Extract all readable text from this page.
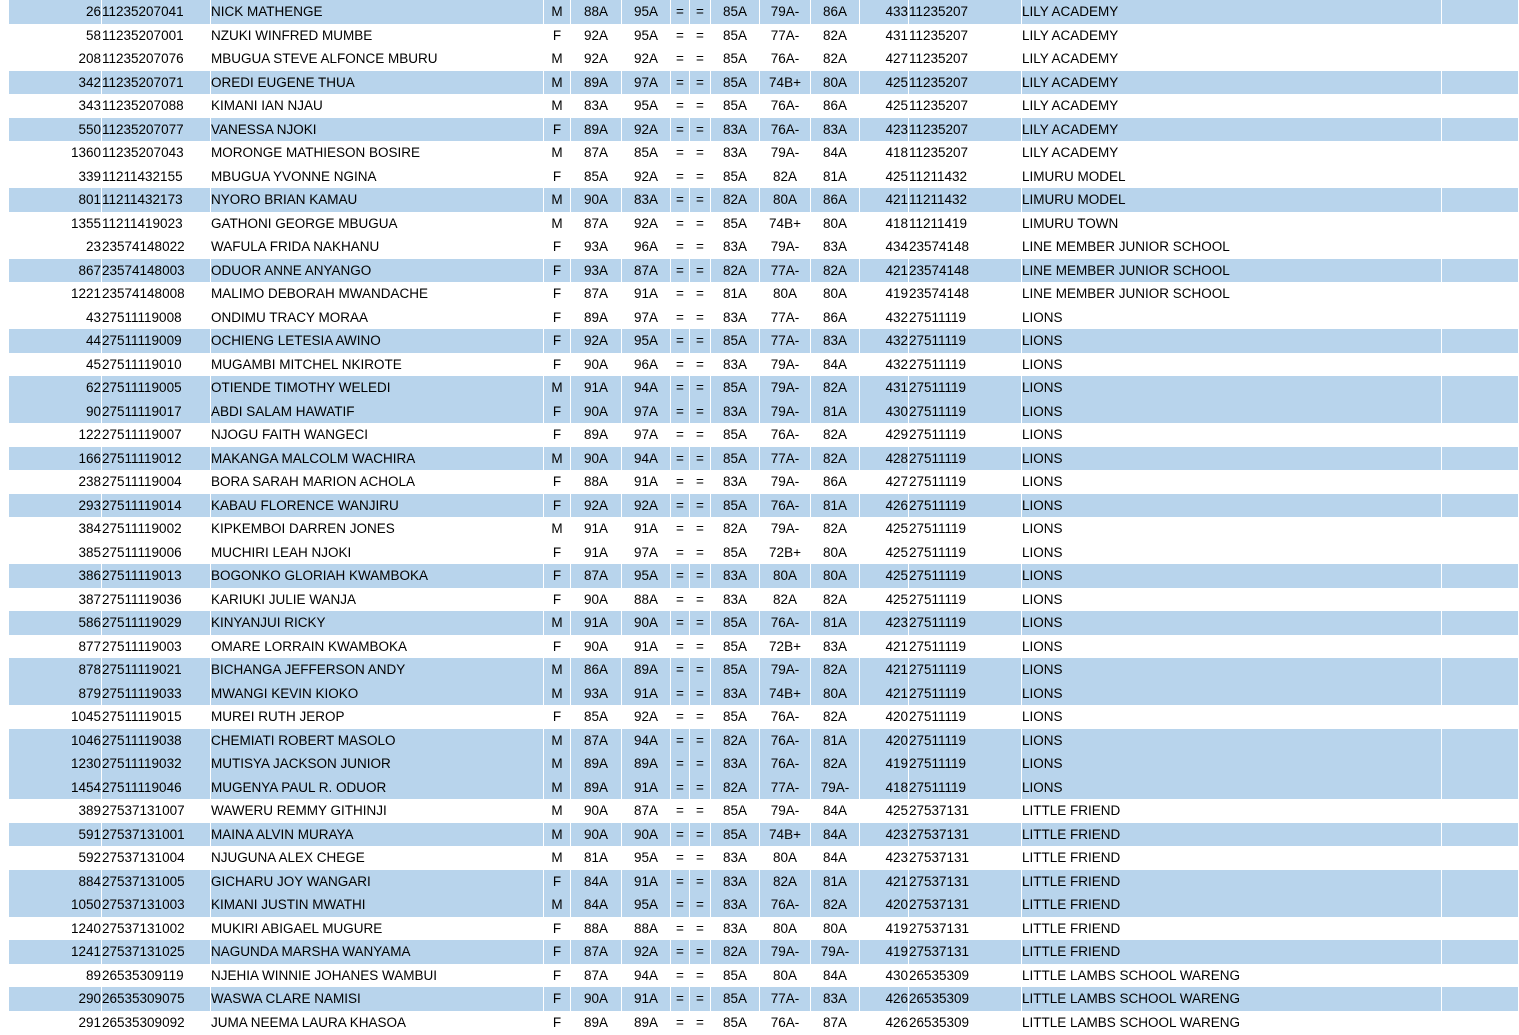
	26	11235207041	NICK MATHENGE	M	88A	95A	=	=	85A	79A-	86A	433	11235207	LILY ACADEMY	
	58	11235207001	NZUKI WINFRED MUMBE	F	92A	95A	=	=	85A	77A-	82A	431	11235207	LILY ACADEMY	
	208	11235207076	MBUGUA STEVE ALFONCE MBURU	M	92A	92A	=	=	85A	76A-	82A	427	11235207	LILY ACADEMY	
	342	11235207071	OREDI EUGENE THUA	M	89A	97A	=	=	85A	74B+	80A	425	11235207	LILY ACADEMY	
	343	11235207088	KIMANI IAN NJAU	M	83A	95A	=	=	85A	76A-	86A	425	11235207	LILY ACADEMY	
	550	11235207077	VANESSA NJOKI	F	89A	92A	=	=	83A	76A-	83A	423	11235207	LILY ACADEMY	
	1360	11235207043	MORONGE MATHIESON BOSIRE	M	87A	85A	=	=	83A	79A-	84A	418	11235207	LILY ACADEMY	
	339	11211432155	MBUGUA YVONNE NGINA	F	85A	92A	=	=	85A	82A	81A	425	11211432	LIMURU MODEL	
	801	11211432173	NYORO BRIAN KAMAU	M	90A	83A	=	=	82A	80A	86A	421	11211432	LIMURU MODEL	
	1355	11211419023	GATHONI GEORGE MBUGUA	M	87A	92A	=	=	85A	74B+	80A	418	11211419	LIMURU TOWN	
	23	23574148022	WAFULA FRIDA NAKHANU	F	93A	96A	=	=	83A	79A-	83A	434	23574148	LINE MEMBER JUNIOR SCHOOL	
	867	23574148003	ODUOR ANNE ANYANGO	F	93A	87A	=	=	82A	77A-	82A	421	23574148	LINE MEMBER JUNIOR SCHOOL	
	1221	23574148008	MALIMO DEBORAH MWANDACHE	F	87A	91A	=	=	81A	80A	80A	419	23574148	LINE MEMBER JUNIOR SCHOOL	
	43	27511119008	ONDIMU TRACY MORAA	F	89A	97A	=	=	83A	77A-	86A	432	27511119	LIONS	
	44	27511119009	OCHIENG LETESIA AWINO	F	92A	95A	=	=	85A	77A-	83A	432	27511119	LIONS	
	45	27511119010	MUGAMBI MITCHEL NKIROTE	F	90A	96A	=	=	83A	79A-	84A	432	27511119	LIONS	
	62	27511119005	OTIENDE TIMOTHY WELEDI	M	91A	94A	=	=	85A	79A-	82A	431	27511119	LIONS	
	90	27511119017	ABDI SALAM HAWATIF	F	90A	97A	=	=	83A	79A-	81A	430	27511119	LIONS	
	122	27511119007	NJOGU FAITH WANGECI	F	89A	97A	=	=	85A	76A-	82A	429	27511119	LIONS	
	166	27511119012	MAKANGA MALCOLM WACHIRA	M	90A	94A	=	=	85A	77A-	82A	428	27511119	LIONS	
	238	27511119004	BORA SARAH MARION ACHOLA	F	88A	91A	=	=	83A	79A-	86A	427	27511119	LIONS	
	293	27511119014	KABAU FLORENCE WANJIRU	F	92A	92A	=	=	85A	76A-	81A	426	27511119	LIONS	
	384	27511119002	KIPKEMBOI DARREN JONES	M	91A	91A	=	=	82A	79A-	82A	425	27511119	LIONS	
	385	27511119006	MUCHIRI LEAH NJOKI	F	91A	97A	=	=	85A	72B+	80A	425	27511119	LIONS	
	386	27511119013	BOGONKO GLORIAH KWAMBOKA	F	87A	95A	=	=	83A	80A	80A	425	27511119	LIONS	
	387	27511119036	KARIUKI JULIE WANJA	F	90A	88A	=	=	83A	82A	82A	425	27511119	LIONS	
	586	27511119029	KINYANJUI RICKY	M	91A	90A	=	=	85A	76A-	81A	423	27511119	LIONS	
	877	27511119003	OMARE LORRAIN KWAMBOKA	F	90A	91A	=	=	85A	72B+	83A	421	27511119	LIONS	
	878	27511119021	BICHANGA JEFFERSON ANDY	M	86A	89A	=	=	85A	79A-	82A	421	27511119	LIONS	
	879	27511119033	MWANGI KEVIN KIOKO	M	93A	91A	=	=	83A	74B+	80A	421	27511119	LIONS	
	1045	27511119015	MUREI RUTH JEROP	F	85A	92A	=	=	85A	76A-	82A	420	27511119	LIONS	
	1046	27511119038	CHEMIATI ROBERT MASOLO	M	87A	94A	=	=	82A	76A-	81A	420	27511119	LIONS	
	1230	27511119032	MUTISYA JACKSON JUNIOR	M	89A	89A	=	=	83A	76A-	82A	419	27511119	LIONS	
	1454	27511119046	MUGENYA PAUL R. ODUOR	M	89A	91A	=	=	82A	77A-	79A-	418	27511119	LIONS	
	389	27537131007	WAWERU REMMY GITHINJI	M	90A	87A	=	=	85A	79A-	84A	425	27537131	LITTLE FRIEND	
	591	27537131001	MAINA ALVIN MURAYA	M	90A	90A	=	=	85A	74B+	84A	423	27537131	LITTLE FRIEND	
	592	27537131004	NJUGUNA ALEX CHEGE	M	81A	95A	=	=	83A	80A	84A	423	27537131	LITTLE FRIEND	
	884	27537131005	GICHARU JOY WANGARI	F	84A	91A	=	=	83A	82A	81A	421	27537131	LITTLE FRIEND	
	1050	27537131003	KIMANI JUSTIN MWATHI	M	84A	95A	=	=	83A	76A-	82A	420	27537131	LITTLE FRIEND	
	1240	27537131002	MUKIRI ABIGAEL MUGURE	F	88A	88A	=	=	83A	80A	80A	419	27537131	LITTLE FRIEND	
	1241	27537131025	NAGUNDA MARSHA WANYAMA	F	87A	92A	=	=	82A	79A-	79A-	419	27537131	LITTLE FRIEND	
	89	26535309119	NJEHIA WINNIE JOHANES WAMBUI	F	87A	94A	=	=	85A	80A	84A	430	26535309	LITTLE LAMBS SCHOOL WARENG	
	290	26535309075	WASWA CLARE NAMISI	F	90A	91A	=	=	85A	77A-	83A	426	26535309	LITTLE LAMBS SCHOOL WARENG	
	291	26535309092	JUMA NEEMA LAURA KHASOA	F	89A	89A	=	=	85A	76A-	87A	426	26535309	LITTLE LAMBS SCHOOL WARENG	
